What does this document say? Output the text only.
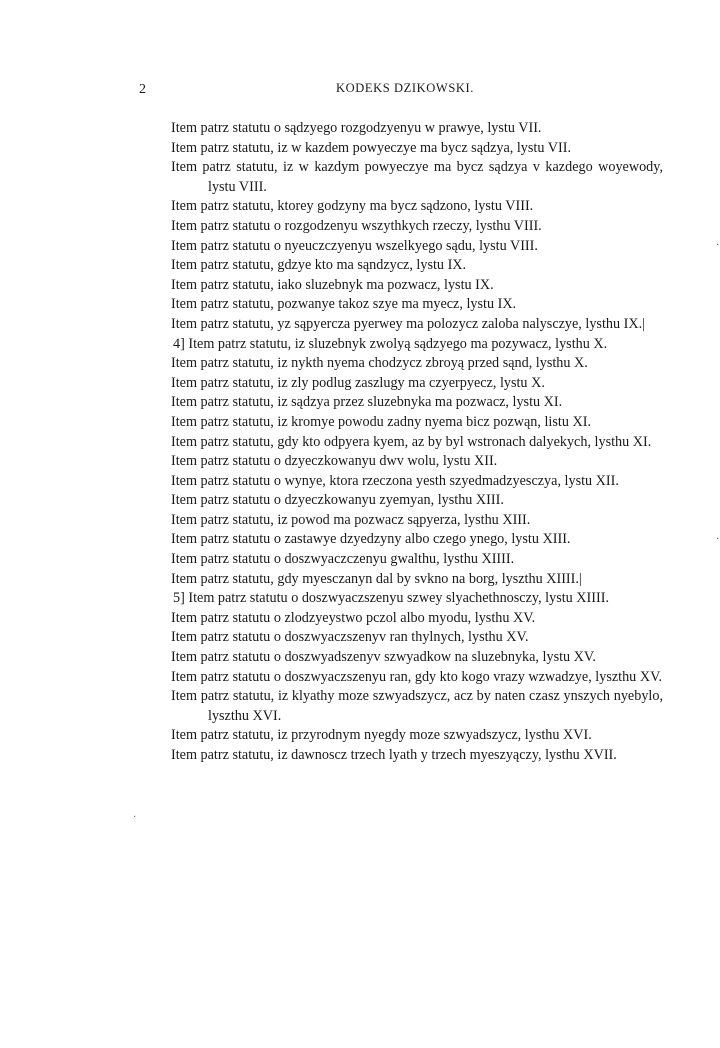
2	KODEKS DZIKOWSKI.
Item patrz statutu o sądzyego rozgodzyenyu w prawye, lystu VII.
Item patrz statutu, iz w kazdem powyeczye ma bycz sądzya, lystu VII.
Item patrz statutu, iz w kazdym powyeczye ma bycz sądzya v kazdego woyewody, lystu VIII.
Item patrz statutu, ktorey godzyny ma bycz sądzono, lystu VIII.
Item patrz statutu o rozgodzenyu wszythkych rzeczy, lysthu VIII.
Item patrz statutu o nyeuczczyenyu wszelkyego sądu, lystu VIII.
Item patrz statutu, gdzye kto ma sąndzycz, lystu IX.
Item patrz statutu, iako sluzebnyk ma pozwacz, lystu IX.
Item patrz statutu, pozwanye takoz szye ma myecz, lystu IX.
Item patrz statutu, yz sąpyercza pyerwey ma polozycz zaloba nalysczye, lysthu IX.|
4] Item patrz statutu, iz sluzebnyk zwolyą sądzyego ma pozywacz, lysthu X.
Item patrz statutu, iz nykth nyema chodzycz zbroyą przed sąnd, lysthu X.
Item patrz statutu, iz zly podlug zaszlugy ma czyerpyecz, lystu X.
Item patrz statutu, iz sądzya przez sluzebnyka ma pozwacz, lystu XI.
Item patrz statutu, iz kromye powodu zadny nyema bicz pozwąn, listu XI.
Item patrz statutu, gdy kto odpyera kyem, az by byl wstronach dalyekych, lysthu XI.
Item patrz statutu o dzyeczkowanyu dwv wolu, lystu XII.
Item patrz statutu o wynye, ktora rzeczona yesth szyedmadzyesczya, lystu XII.
Item patrz statutu o dzyeczkowanyu zyemyan, lysthu XIII.
Item patrz statutu, iz powod ma pozwacz sąpyerza, lysthu XIII.
Item patrz statutu o zastawye dzyedzyny albo czego ynego, lystu XIII.
Item patrz statutu o doszwyaczczenyu gwalthu, lysthu XIIII.
Item patrz statutu, gdy myesczanyn dal by svkno na borg, lyszthu XIIII.|
5] Item patrz statutu o doszwyaczszenyu szwey slyachethnosczy, lystu XIIII.
Item patrz statutu o zlodzyeystwo pczol albo myodu, lysthu XV.
Item patrz statutu o doszwyaczszenyv ran thylnych, lysthu XV.
Item patrz statutu o doszwyadszenyv szwyadkow na sluzebnyka, lystu XV.
Item patrz statutu o doszwyaczszenyu ran, gdy kto kogo vrazy wzwadzye, lyszthu XV.
Item patrz statutu, iz klyathy moze szwyadszycz, acz by naten czasz ynszych nyebylo, lyszthu XVI.
Item patrz statutu, iz przyrodnym nyegdy moze szwyadszycz, lysthu XVI.
Item patrz statutu, iz dawnoscz trzech lyath y trzech myeszyączy, lysthu XVII.
·
·
·
